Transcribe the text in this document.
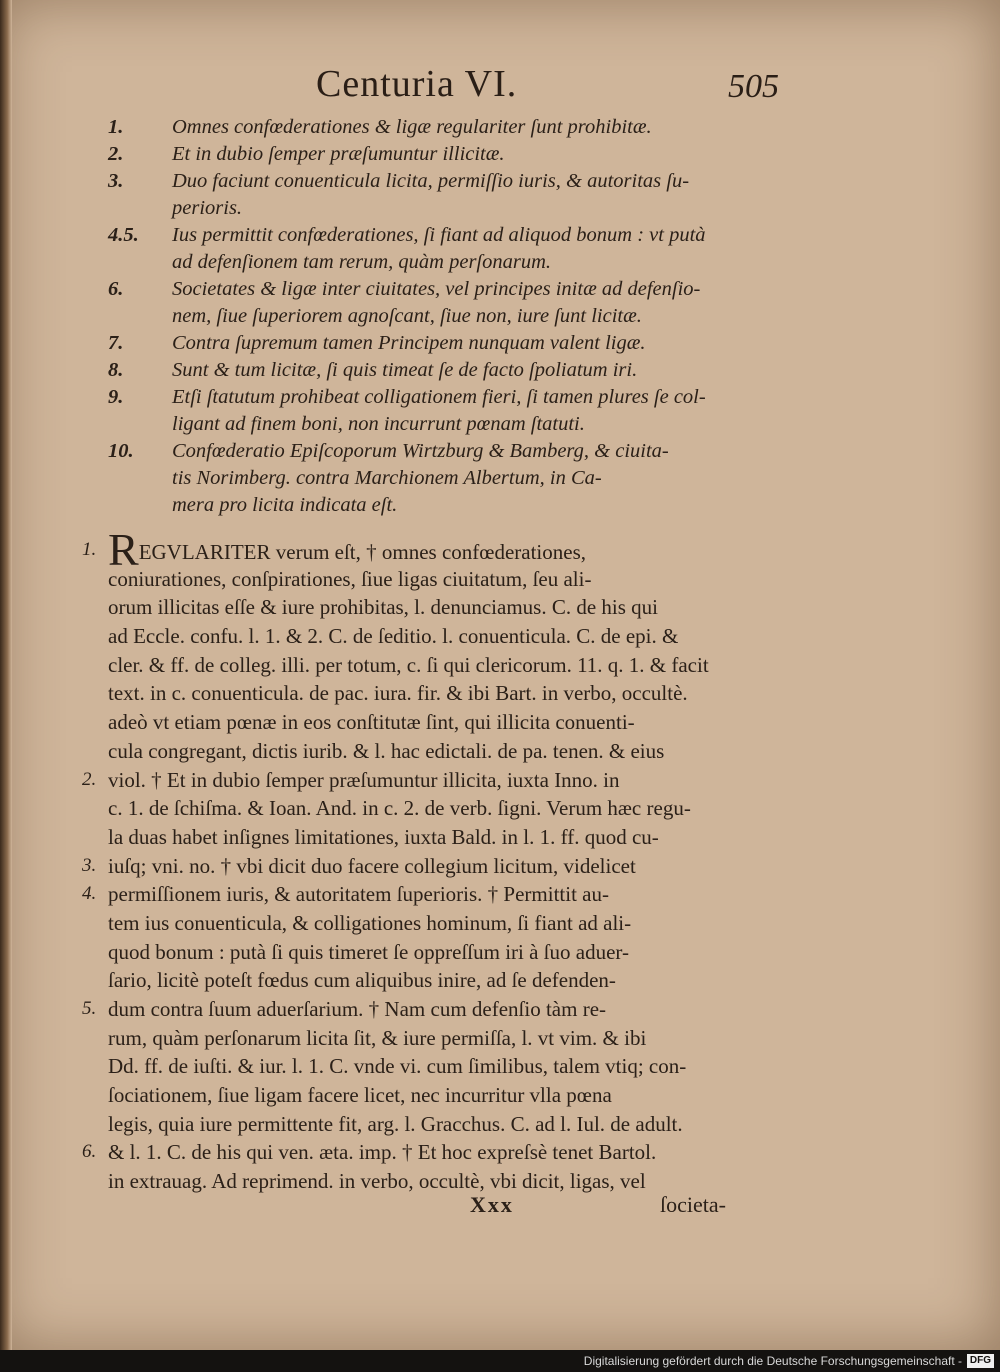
Centuria VI.	505
1.	Omnes confœderationes & ligæ regulariter ſunt prohibitæ.
2.	Et in dubio ſemper præſumuntur illicitæ.
3.	Duo faciunt conuenticula licita, permiſſio iuris, & autoritas ſu-
perioris.
4.5.	Ius permittit confœderationes, ſi fiant ad aliquod bonum : vt putà
ad defenſionem tam rerum, quàm perſonarum.
6.	Societates & ligæ inter ciuitates, vel principes initæ ad defenſio-
nem, ſiue ſuperiorem agnoſcant, ſiue non, iure ſunt licitæ.
7.	Contra ſupremum tamen Principem nunquam valent ligæ.
8.	Sunt & tum licitæ, ſi quis timeat ſe de facto ſpoliatum iri.
9.	Etſi ſtatutum prohibeat colligationem fieri, ſi tamen plures ſe col-
ligant ad finem boni, non incurrunt pœnam ſtatuti.
10.	Confœderatio Epiſcoporum Wirtzburg & Bamberg, & ciuita-
tis Norimberg. contra Marchionem Albertum, in Ca-
mera pro licita indicata eſt.
1. REGVLARITER verum eſt, † omnes confœderationes,
coniurationes, conſpirationes, ſiue ligas ciuitatum, ſeu ali-
orum illicitas eſſe & iure prohibitas, l. denunciamus. C. de his qui
ad Eccle. confu. l. 1. & 2. C. de ſeditio. l. conuenticula. C. de epi. &
cler. & ff. de colleg. illi. per totum, c. ſi qui clericorum. 11. q. 1. & facit
text. in c. conuenticula. de pac. iura. fir. & ibi Bart. in verbo, occultè.
adeò vt etiam pœnæ in eos conſtitutæ ſint, qui illicita conuenti-
cula congregant, dictis iurib. & l. hac edictali. de pa. tenen. & eius
2. viol. † Et in dubio ſemper præſumuntur illicita, iuxta Inno. in
c. 1. de ſchiſma. & Ioan. And. in c. 2. de verb. ſigni. Verum hæc regu-
la duas habet inſignes limitationes, iuxta Bald. in l. 1. ff. quod cu-
3. iuſq; vni. no. † vbi dicit duo facere collegium licitum, videlicet
4. permiſſionem iuris, & autoritatem ſuperioris. † Permittit au-
tem ius conuenticula, & colligationes hominum, ſi fiant ad ali-
quod bonum : putà ſi quis timeret ſe oppreſſum iri à ſuo aduer-
ſario, licitè poteſt fœdus cum aliquibus inire, ad ſe defenden-
5. dum contra ſuum aduerſarium. † Nam cum defenſio tàm re-
rum, quàm perſonarum licita ſit, & iure permiſſa, l. vt vim. & ibi
Dd. ff. de iuſti. & iur. l. 1. C. vnde vi. cum ſimilibus, talem vtiq; con-
ſociationem, ſiue ligam facere licet, nec incurritur vlla pœna
legis, quia iure permittente fit, arg. l. Gracchus. C. ad l. Iul. de adult.
6. & l. 1. C. de his qui ven. æta. imp. † Et hoc expreſsè tenet Bartol.
in extrauag. Ad reprimend. in verbo, occultè, vbi dicit, ligas, vel
Xxx	ſocieta-
Digitalisierung gefördert durch die Deutsche Forschungsgemeinschaft - DFG
